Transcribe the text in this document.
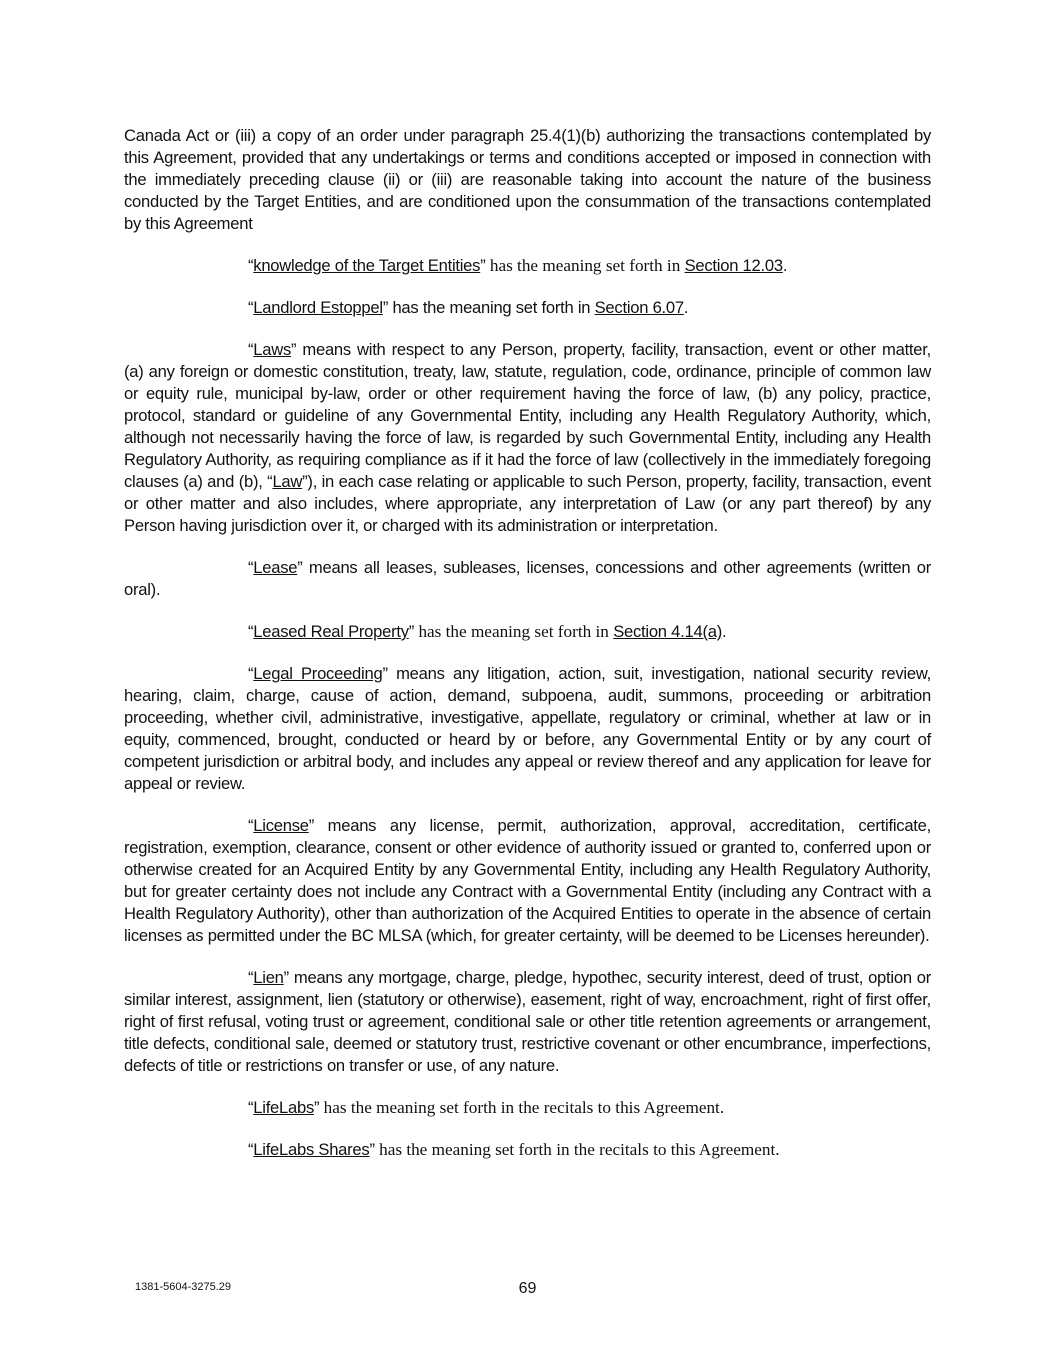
Canada Act or (iii) a copy of an order under paragraph 25.4(1)(b) authorizing the transactions contemplated by this Agreement, provided that any undertakings or terms and conditions accepted or imposed in connection with the immediately preceding clause (ii) or (iii) are reasonable taking into account the nature of the business conducted by the Target Entities, and are conditioned upon the consummation of the transactions contemplated by this Agreement

“knowledge of the Target Entities” has the meaning set forth in Section 12.03.

“Landlord Estoppel” has the meaning set forth in Section 6.07.

“Laws” means with respect to any Person, property, facility, transaction, event or other matter, (a) any foreign or domestic constitution, treaty, law, statute, regulation, code, ordinance, principle of common law or equity rule, municipal by-law, order or other requirement having the force of law, (b) any policy, practice, protocol, standard or guideline of any Governmental Entity, including any Health Regulatory Authority, which, although not necessarily having the force of law, is regarded by such Governmental Entity, including any Health Regulatory Authority, as requiring compliance as if it had the force of law (collectively in the immediately foregoing clauses (a) and (b), “Law”), in each case relating or applicable to such Person, property, facility, transaction, event or other matter and also includes, where appropriate, any interpretation of Law (or any part thereof) by any Person having jurisdiction over it, or charged with its administration or interpretation.

“Lease” means all leases, subleases, licenses, concessions and other agreements (written or oral).

“Leased Real Property” has the meaning set forth in Section 4.14(a).

“Legal Proceeding” means any litigation, action, suit, investigation, national security review, hearing, claim, charge, cause of action, demand, subpoena, audit, summons, proceeding or arbitration proceeding, whether civil, administrative, investigative, appellate, regulatory or criminal, whether at law or in equity, commenced, brought, conducted or heard by or before, any Governmental Entity or by any court of competent jurisdiction or arbitral body, and includes any appeal or review thereof and any application for leave for appeal or review.

“License” means any license, permit, authorization, approval, accreditation, certificate, registration, exemption, clearance, consent or other evidence of authority issued or granted to, conferred upon or otherwise created for an Acquired Entity by any Governmental Entity, including any Health Regulatory Authority, but for greater certainty does not include any Contract with a Governmental Entity (including any Contract with a Health Regulatory Authority), other than authorization of the Acquired Entities to operate in the absence of certain licenses as permitted under the BC MLSA (which, for greater certainty, will be deemed to be Licenses hereunder).

“Lien” means any mortgage, charge, pledge, hypothec, security interest, deed of trust, option or similar interest, assignment, lien (statutory or otherwise), easement, right of way, encroachment, right of first offer, right of first refusal, voting trust or agreement, conditional sale or other title retention agreements or arrangement, title defects, conditional sale, deemed or statutory trust, restrictive covenant or other encumbrance, imperfections, defects of title or restrictions on transfer or use, of any nature.

“LifeLabs” has the meaning set forth in the recitals to this Agreement.

“LifeLabs Shares” has the meaning set forth in the recitals to this Agreement.

1381-5604-3275.29	69
